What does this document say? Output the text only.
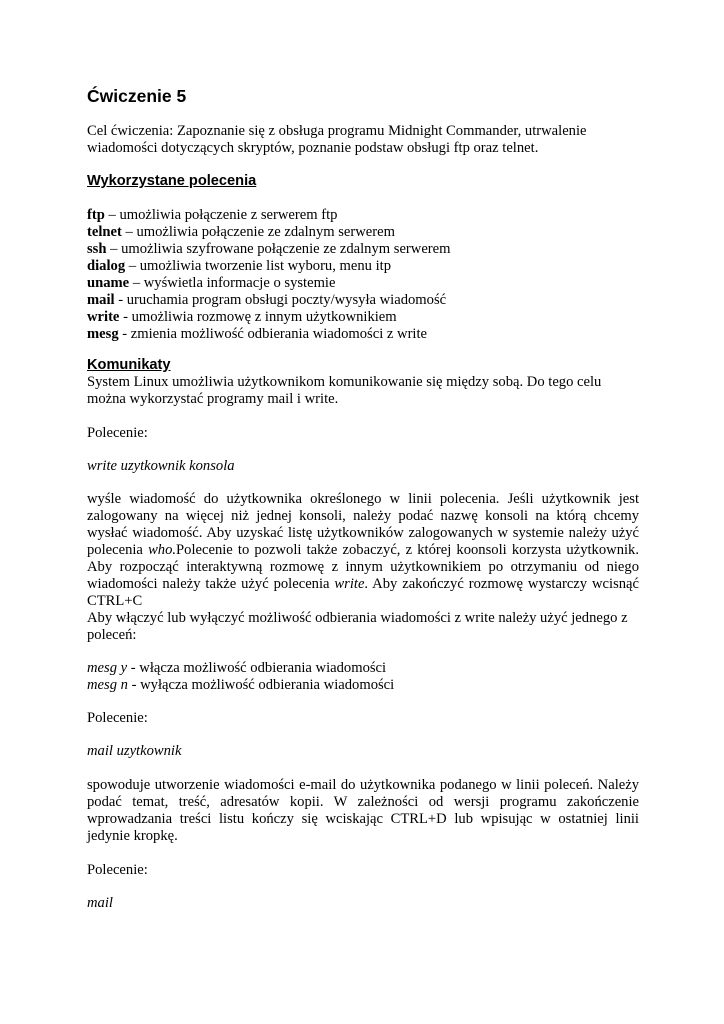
Ćwiczenie 5
Cel ćwiczenia: Zapoznanie się z obsługa programu Midnight Commander, utrwalenie
wiadomości dotyczących skryptów, poznanie podstaw obsługi ftp oraz telnet.
Wykorzystane polecenia
ftp – umożliwia połączenie z serwerem ftp
telnet – umożliwia połączenie ze zdalnym serwerem
ssh – umożliwia szyfrowane połączenie ze zdalnym serwerem
dialog – umożliwia tworzenie list wyboru, menu itp
uname – wyświetla informacje o systemie
mail - uruchamia program obsługi poczty/wysyła wiadomość
write - umożliwia rozmowę z innym użytkownikiem
mesg - zmienia możliwość odbierania wiadomości z write
Komunikaty
System Linux umożliwia użytkownikom komunikowanie się między sobą. Do tego celu
można wykorzystać programy mail i write.
Polecenie:
write uzytkownik konsola
wyśle wiadomość do użytkownika określonego w linii polecenia. Jeśli użytkownik jest zalogowany na więcej niż jednej konsoli, należy podać nazwę konsoli na którą chcemy wysłać wiadomość. Aby uzyskać listę użytkowników zalogowanych w systemie należy użyć polecenia who.Polecenie to pozwoli także zobaczyć, z której koonsoli korzysta użytkownik. Aby rozpocząć interaktywną rozmowę z innym użytkownikiem po otrzymaniu od niego wiadomości należy także użyć polecenia write. Aby zakończyć rozmowę wystarczy wcisnąć CTRL+C
Aby włączyć lub wyłączyć możliwość odbierania wiadomości z write należy użyć jednego z
poleceń:
mesg y - włącza możliwość odbierania wiadomości
mesg n - wyłącza możliwość odbierania wiadomości
Polecenie:
mail uzytkownik
spowoduje utworzenie wiadomości e-mail do użytkownika podanego w linii poleceń. Należy podać temat, treść, adresatów kopii. W zależności od wersji programu zakończenie wprowadzania treści listu kończy się wciskając CTRL+D lub wpisując w ostatniej linii jedynie kropkę.
Polecenie:
mail
